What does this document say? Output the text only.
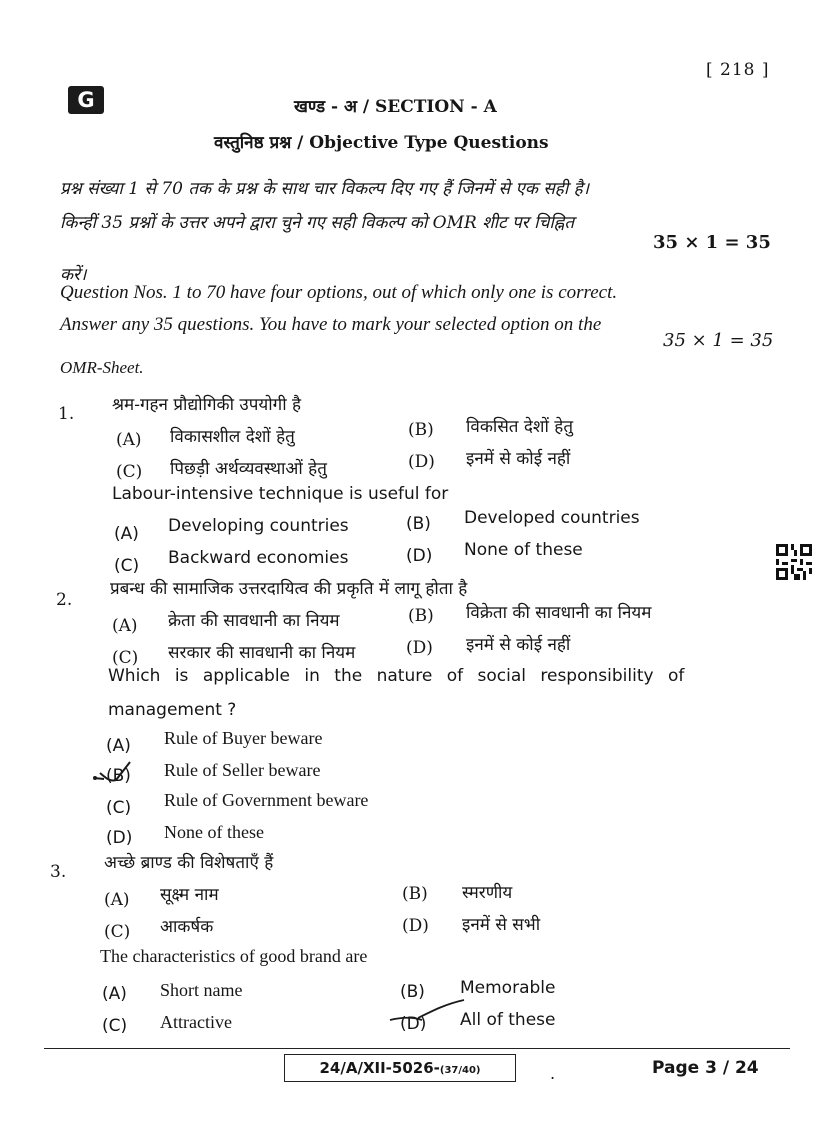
[ 218 ]
G	खण्ड - अ / SECTION - A
वस्तुनिष्ठ प्रश्न / Objective Type Questions
प्रश्न संख्या 1 से 70 तक के प्रश्न के साथ चार विकल्प दिए गए हैं जिनमें से एक सही है।
किन्हीं 35 प्रश्नों के उत्तर अपने द्वारा चुने गए सही विकल्प को OMR शीट पर चिह्नित
35 × 1 = 35
करें।
Question Nos. 1 to 70 have four options, out of which only one is correct.
Answer any 35 questions. You have to mark your selected option on the
35 × 1 = 35
OMR-Sheet.
1. श्रम-गहन प्रौद्योगिकी उपयोगी है
(A) विकासशील देशों हेतु	(B) विकसित देशों हेतु
(C) पिछड़ी अर्थव्यवस्थाओं हेतु	(D) इनमें से कोई नहीं
Labour-intensive technique is useful for
(A) Developing countries	(B) Developed countries
(C) Backward economies	(D) None of these
2.
प्रबन्ध की सामाजिक उत्तरदायित्व की प्रकृति में लागू होता है
(A) क्रेता की सावधानी का नियम	(B) विक्रेता की सावधानी का नियम
(C) सरकार की सावधानी का नियम	(D) इनमें से कोई नहीं
Which is applicable in the nature of social responsibility of
management ?
(A) Rule of Buyer beware
(B) Rule of Seller beware
(C) Rule of Government beware
(D) None of these
3. अच्छे ब्राण्ड की विशेषताएँ हैं
(A) सूक्ष्म नाम	(B) स्मरणीय
(C) आकर्षक	(D) इनमें से सभी
The characteristics of good brand are
(A) Short name	(B) Memorable
(C) Attractive	(D) All of these
24/A/XII-5026-(37/40)	.	Page 3 / 24
